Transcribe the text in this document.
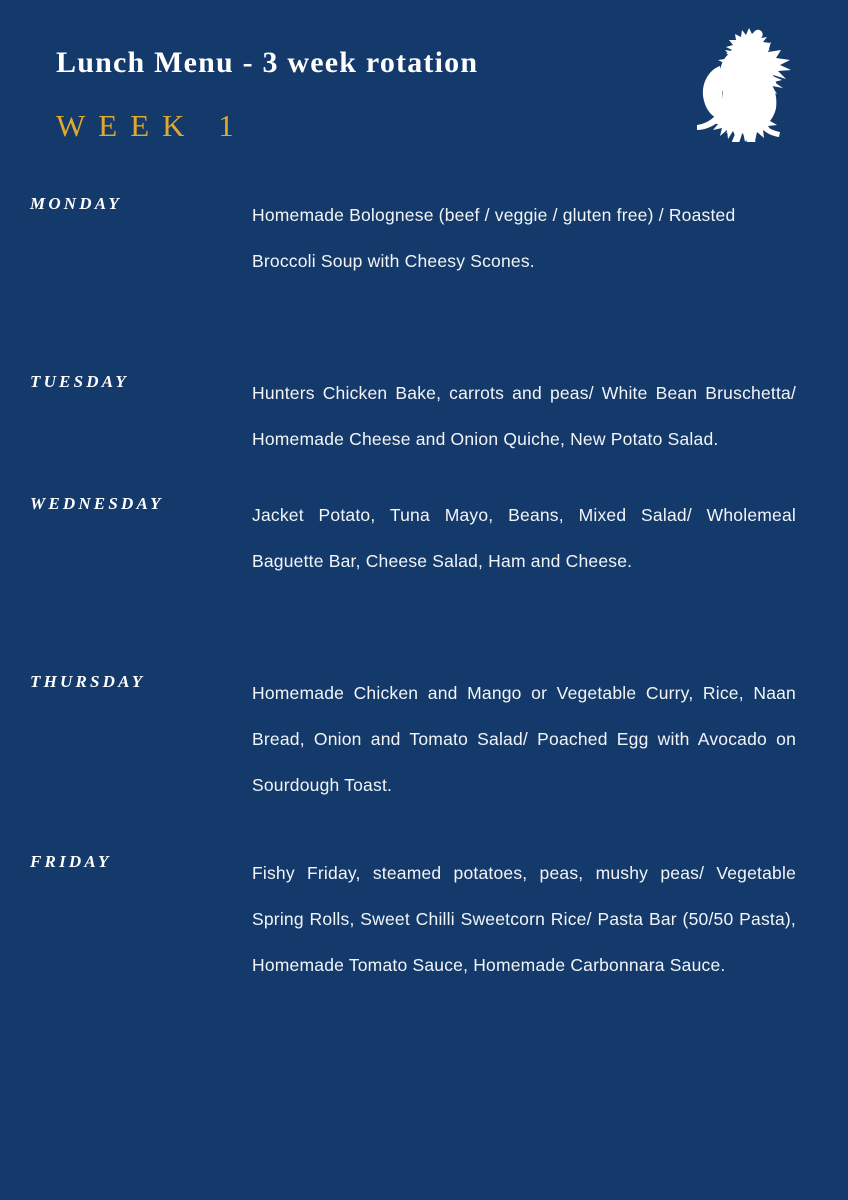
Lunch Menu - 3 week rotation
WEEK 1
MONDAY
Homemade Bolognese (beef / veggie / gluten free) / Roasted Broccoli Soup with Cheesy Scones.
TUESDAY
Hunters Chicken Bake, carrots and peas/ White Bean Bruschetta/ Homemade Cheese and Onion Quiche, New Potato Salad.
WEDNESDAY
Jacket Potato, Tuna Mayo, Beans, Mixed Salad/ Wholemeal Baguette Bar, Cheese Salad, Ham and Cheese.
THURSDAY
Homemade Chicken and Mango or Vegetable Curry, Rice, Naan Bread, Onion and Tomato Salad/ Poached Egg with Avocado on Sourdough Toast.
FRIDAY
Fishy Friday, steamed potatoes, peas, mushy peas/ Vegetable Spring Rolls, Sweet Chilli Sweetcorn Rice/ Pasta Bar (50/50 Pasta), Homemade Tomato Sauce, Homemade Carbonnara Sauce.
